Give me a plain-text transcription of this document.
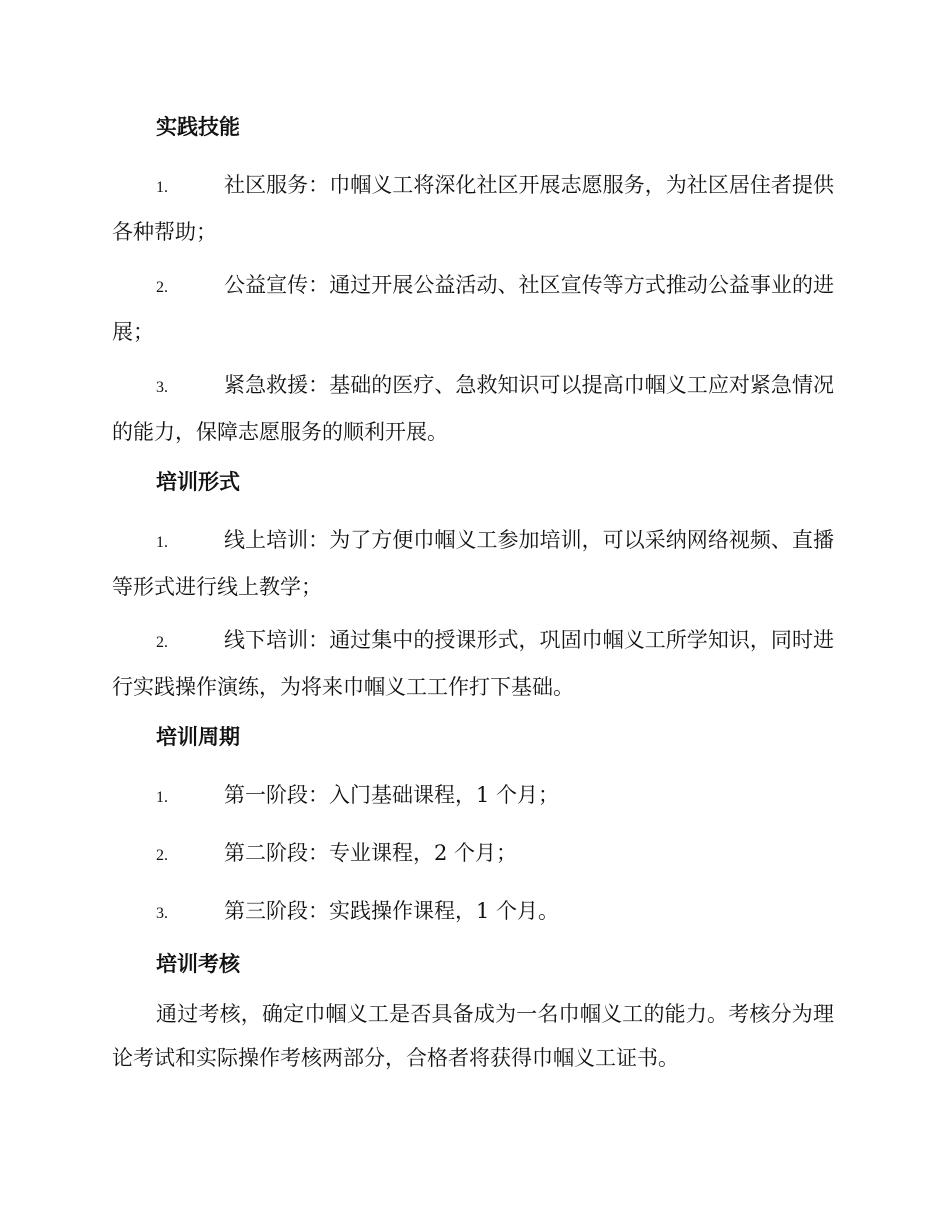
实践技能

1.	社区服务：巾帼义工将深化社区开展志愿服务，为社区居住者提供各种帮助；

2.	公益宣传：通过开展公益活动、社区宣传等方式推动公益事业的进展；

3.	紧急救援：基础的医疗、急救知识可以提高巾帼义工应对紧急情况的能力，保障志愿服务的顺利开展。

培训形式

1.	线上培训：为了方便巾帼义工参加培训，可以采纳网络视频、直播等形式进行线上教学；

2.	线下培训：通过集中的授课形式，巩固巾帼义工所学知识，同时进行实践操作演练，为将来巾帼义工工作打下基础。

培训周期

1.	第一阶段：入门基础课程，1 个月；

2.	第二阶段：专业课程，2 个月；

3.	第三阶段：实践操作课程，1 个月。

培训考核

通过考核，确定巾帼义工是否具备成为一名巾帼义工的能力。考核分为理论考试和实际操作考核两部分，合格者将获得巾帼义工证书。
